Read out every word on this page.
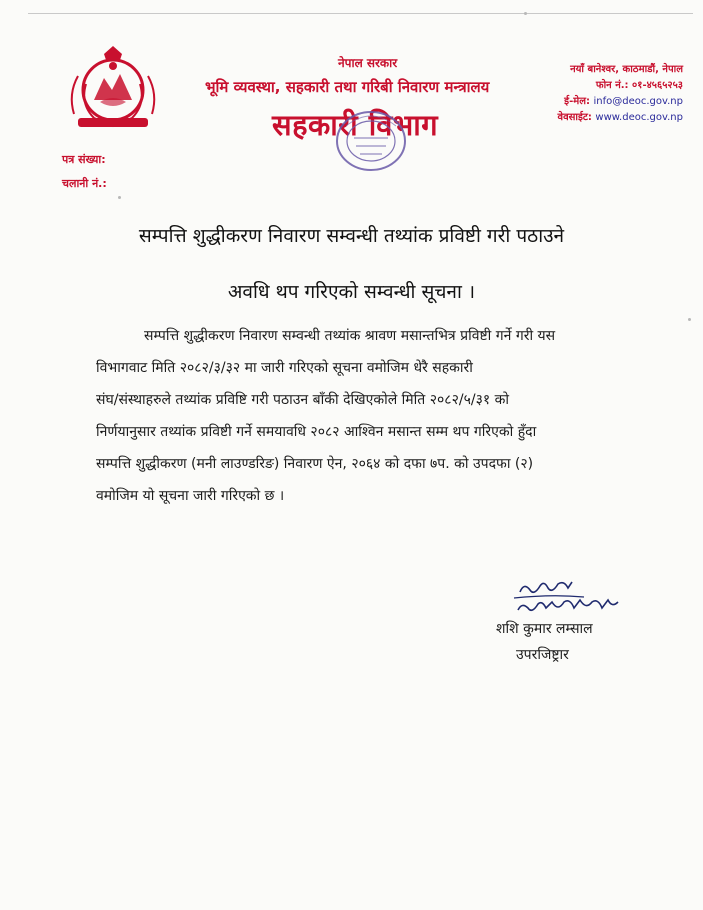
नेपाल सरकार
भूमि व्यवस्था, सहकारी तथा गरिबी निवारण मन्त्रालय
सहकारी विभाग
नयाँ बानेश्वर, काठमाडौं, नेपाल
फोन नं.: ०१-४५६५२५३
ई-मेल: info@deoc.gov.np
वेवसाईट: www.deoc.gov.np
पत्र संख्या:
चलानी नं.:
सम्पत्ति शुद्धीकरण निवारण सम्वन्धी तथ्यांक प्रविष्टी गरी पठाउने
अवधि थप गरिएको सम्वन्धी सूचना ।
सम्पत्ति शुद्धीकरण निवारण सम्वन्धी तथ्यांक श्रावण मसान्तभित्र प्रविष्टी गर्ने गरी यस
विभागवाट मिति २०८२/३/३२ मा जारी गरिएको सूचना वमोजिम धेरै सहकारी
संघ/संस्थाहरुले तथ्यांक प्रविष्टि गरी पठाउन बाँकी देखिएकोले मिति २०८२/५/३१ को
निर्णयानुसार तथ्यांक प्रविष्टी गर्ने समयावधि २०८२ आश्विन मसान्त सम्म थप गरिएको हुँदा
सम्पत्ति शुद्धीकरण (मनी लाउण्डरिङ) निवारण ऐन, २०६४ को दफा ७प. को उपदफा (२)
वमोजिम यो सूचना जारी गरिएको छ ।
शशि कुमार लम्साल
उपरजिष्ट्रार
